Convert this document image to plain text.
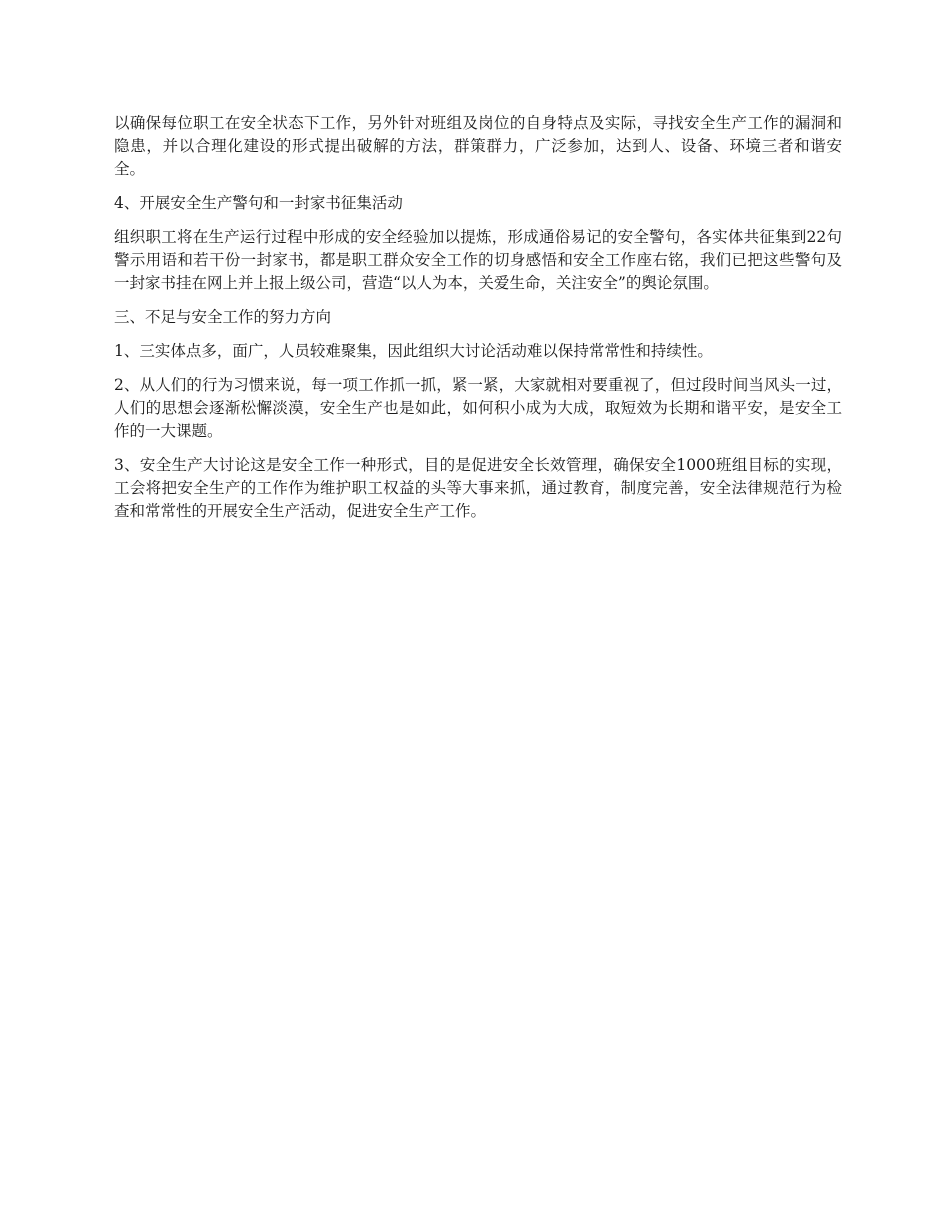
以确保每位职工在安全状态下工作，另外针对班组及岗位的自身特点及实际，寻找安全生产工作的漏洞和隐患，并以合理化建设的形式提出破解的方法，群策群力，广泛参加，达到人、设备、环境三者和谐安全。

4、开展安全生产警句和一封家书征集活动

组织职工将在生产运行过程中形成的安全经验加以提炼，形成通俗易记的安全警句，各实体共征集到22句警示用语和若干份一封家书，都是职工群众安全工作的切身感悟和安全工作座右铭，我们已把这些警句及一封家书挂在网上并上报上级公司，营造“以人为本，关爱生命，关注安全”的舆论氛围。

三、不足与安全工作的努力方向

1、三实体点多，面广，人员较难聚集，因此组织大讨论活动难以保持常常性和持续性。

2、从人们的行为习惯来说，每一项工作抓一抓，紧一紧，大家就相对要重视了，但过段时间当风头一过，人们的思想会逐渐松懈淡漠，安全生产也是如此，如何积小成为大成，取短效为长期和谐平安，是安全工作的一大课题。

3、安全生产大讨论这是安全工作一种形式，目的是促进安全长效管理，确保安全1000班组目标的实现，工会将把安全生产的工作作为维护职工权益的头等大事来抓，通过教育，制度完善，安全法律规范行为检查和常常性的开展安全生产活动，促进安全生产工作。
